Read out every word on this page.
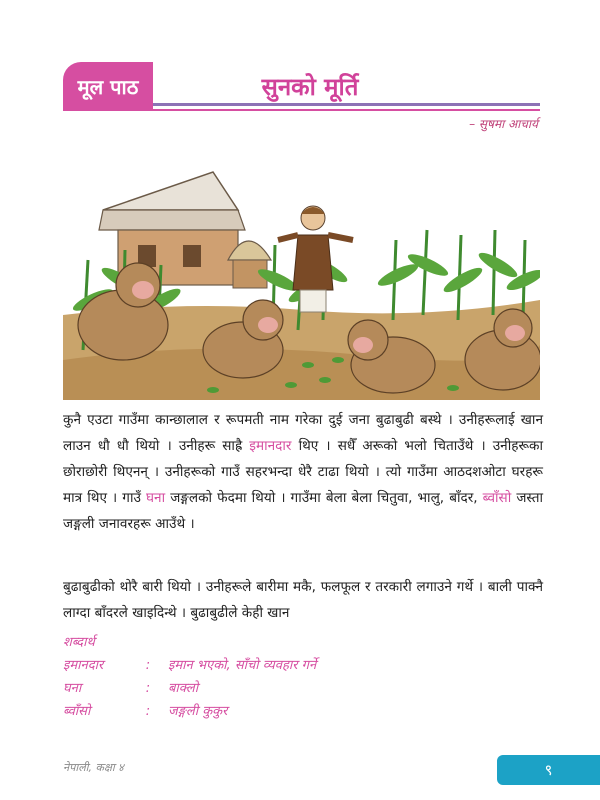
मूल पाठ	सुनको मूर्ति
– सुषमा आचार्य
कुनै एउटा गाउँमा कान्छालाल र रूपमती नाम गरेका दुई जना बुढाबुढी बस्थे । उनीहरूलाई खान लाउन धौ धौ थियो । उनीहरू साह्रै इमानदार थिए । सधैँ अरूको भलो चिताउँथे । उनीहरूका छोराछोरी थिएनन् । उनीहरूको गाउँ सहरभन्दा धेरै टाढा थियो । त्यो गाउँमा आठदशओटा घरहरू मात्र थिए । गाउँ घना जङ्गलको फेदमा थियो । गाउँमा बेला बेला चितुवा, भालु, बाँदर, ब्वाँसो जस्ता जङ्गली जनावरहरू आउँथे ।
बुढाबुढीको थोरै बारी थियो । उनीहरूले बारीमा मकै, फलफूल र तरकारी लगाउने गर्थे । बाली पाक्नै लाग्दा बाँदरले खाइदिन्थे । बुढाबुढीले केही खान
शब्दार्थ
इमानदार	:	इमान भएको, साँचो व्यवहार गर्ने
घना	:	बाक्लो
ब्वाँसो	:	जङ्गली कुकुर
नेपाली, कक्षा ४	९
